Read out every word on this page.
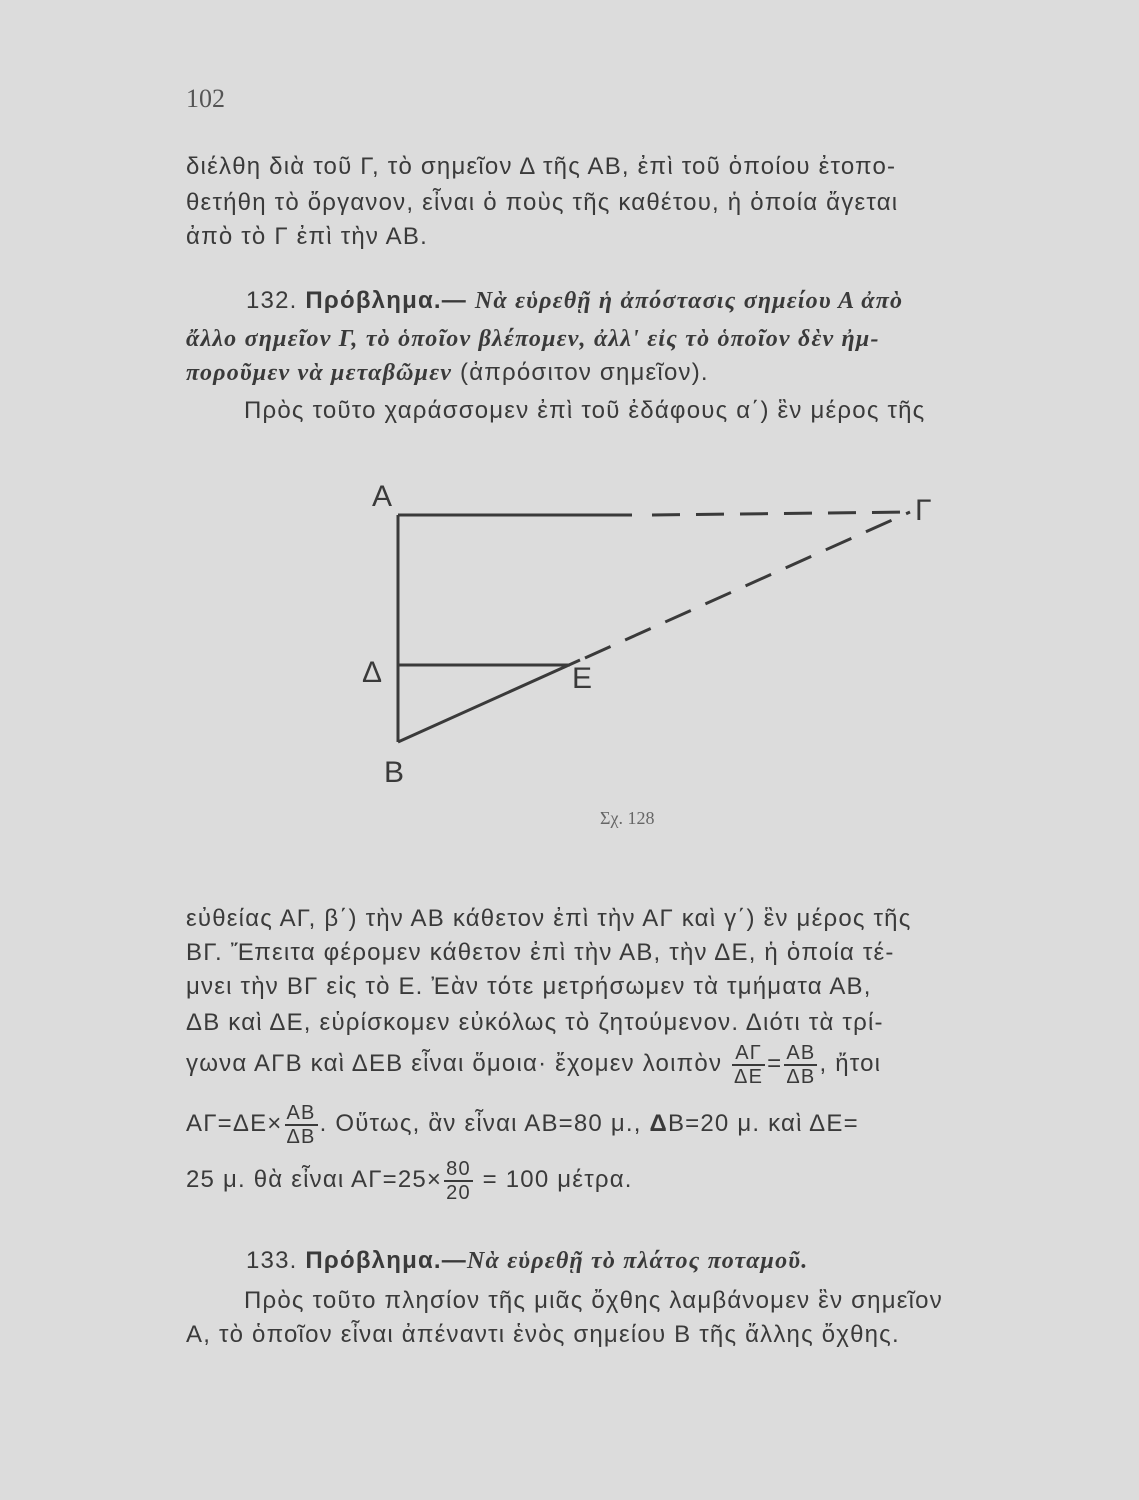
102
διέλθη διὰ τοῦ Γ, τὸ σημεῖον Δ τῆς ΑΒ, ἐπὶ τοῦ ὁποίου ἐτοπο-
θετήθη τὸ ὄργανον, εἶναι ὁ ποὺς τῆς καθέτου, ἡ ὁποία ἄγεται
ἀπὸ τὸ Γ ἐπὶ τὴν ΑΒ.
132. Πρόβλημα.— Νὰ εὑρεθῇ ἡ ἀπόστασις σημείου Α ἀπὸ
ἄλλο σημεῖον Γ, τὸ ὁποῖον βλέπομεν, ἀλλ' εἰς τὸ ὁποῖον δὲν ἠμ-
ποροῦμεν νὰ μεταβῶμεν (ἀπρόσιτον σημεῖον).
Πρὸς τοῦτο χαράσσομεν ἐπὶ τοῦ ἐδάφους α΄) ἓν μέρος τῆς
Α	Γ
Δ	Ε
Β
Σχ. 128
εὐθείας ΑΓ, β΄) τὴν ΑΒ κάθετον ἐπὶ τὴν ΑΓ καὶ γ΄) ἓν μέρος τῆς
ΒΓ. Ἔπειτα φέρομεν κάθετον ἐπὶ τὴν ΑΒ, τὴν ΔΕ, ἡ ὁποία τέ-
μνει τὴν ΒΓ εἰς τὸ Ε. Ἐὰν τότε μετρήσωμεν τὰ τμήματα ΑΒ,
ΔΒ καὶ ΔΕ, εὑρίσκομεν εὐκόλως τὸ ζητούμενον. Διότι τὰ τρί-
γωνα ΑΓΒ καὶ ΔΕΒ εἶναι ὅμοια· ἔχομεν λοιπὸν $\frac{A\Gamma}{\Delta E} = \frac{AB}{\Delta B}$ , ἤτοι
$A\Gamma=\Delta E\times \frac{AB}{\Delta B}$ . Οὕτως, ἂν εἶναι ΑΒ=80 μ., ΔΒ=20 μ. καὶ ΔΕ=
25 μ. θὰ εἶναι $A\Gamma=25\times \frac{80}{20} = 100$ μέτρα.
133. Πρόβλημα.—Νὰ εὑρεθῇ τὸ πλάτος ποταμοῦ.
Πρὸς τοῦτο πλησίον τῆς μιᾶς ὄχθης λαμβάνομεν ἓν σημεῖον
Α, τὸ ὁποῖον εἶναι ἀπέναντι ἑνὸς σημείου Β τῆς ἄλλης ὄχθης.
